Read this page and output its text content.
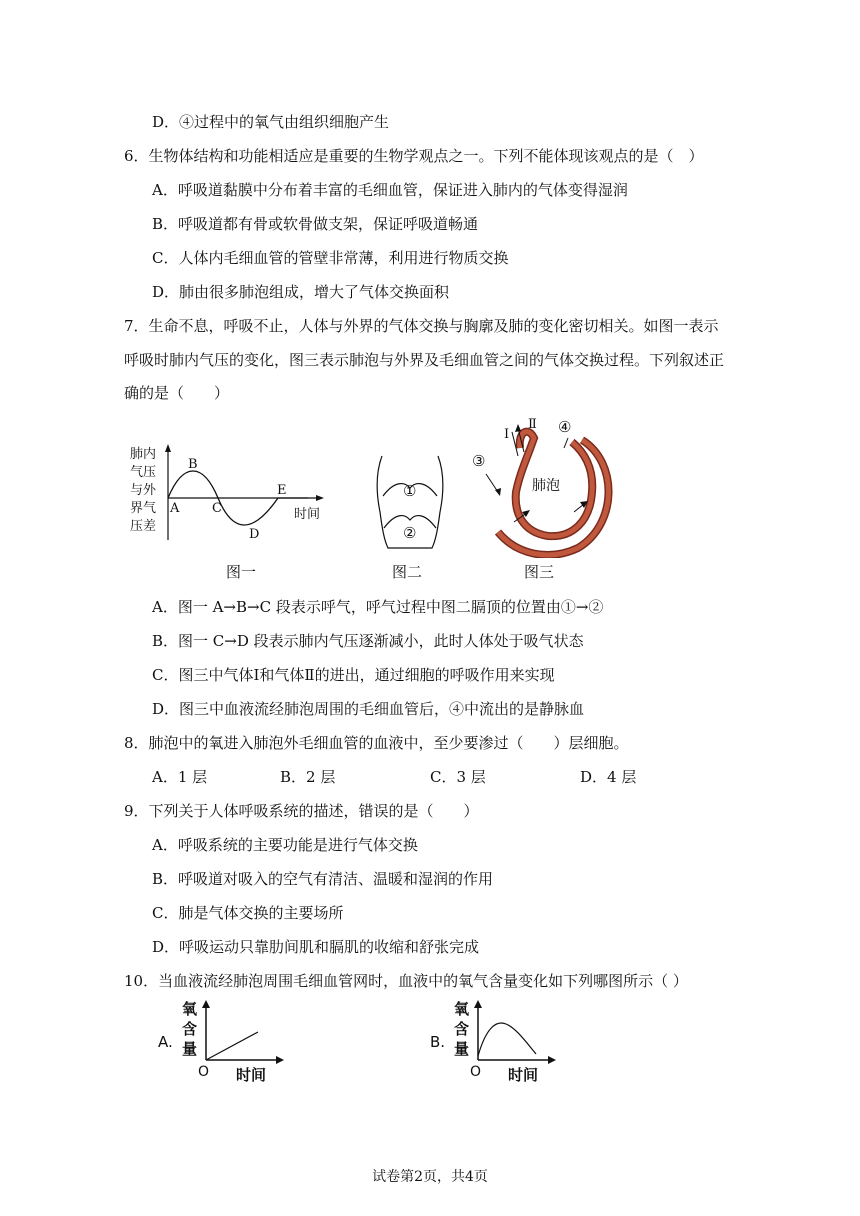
D．④过程中的氧气由组织细胞产生
6．生物体结构和功能相适应是重要的生物学观点之一。下列不能体现该观点的是（　）
A．呼吸道黏膜中分布着丰富的毛细血管，保证进入肺内的气体变得湿润
B．呼吸道都有骨或软骨做支架，保证呼吸道畅通
C．人体内毛细血管的管壁非常薄，利用进行物质交换
D．肺由很多肺泡组成，增大了气体交换面积
7．生命不息，呼吸不止，人体与外界的气体交换与胸廓及肺的变化密切相关。如图一表示
呼吸时肺内气压的变化，图三表示肺泡与外界及毛细血管之间的气体交换过程。下列叙述正
确的是（　　）
肺内
气压
与外
界气
压差
A
B
C
D
E
时间
图一
①
②
图二
Ⅰ
Ⅱ
③
④
肺泡
图三
A．图一 A→B→C 段表示呼气，呼气过程中图二膈顶的位置由①→②
B．图一 C→D 段表示肺内气压逐渐减小，此时人体处于吸气状态
C．图三中气体Ⅰ和气体Ⅱ的进出，通过细胞的呼吸作用来实现
D．图三中血液流经肺泡周围的毛细血管后，④中流出的是静脉血
8．肺泡中的氧进入肺泡外毛细血管的血液中，至少要渗过（　　）层细胞。
A．1 层	B．2 层	C．3 层	D．4 层
9．下列关于人体呼吸系统的描述，错误的是（　　）
A．呼吸系统的主要功能是进行气体交换
B．呼吸道对吸入的空气有清洁、温暖和湿润的作用
C．肺是气体交换的主要场所
D．呼吸运动只靠肋间肌和膈肌的收缩和舒张完成
10．当血液流经肺泡周围毛细血管网时，血液中的氧气含量变化如下列哪图所示（ ）
A.
氧
含
量
O 时间
B.
氧
含
量
O 时间
试卷第2页，共4页
